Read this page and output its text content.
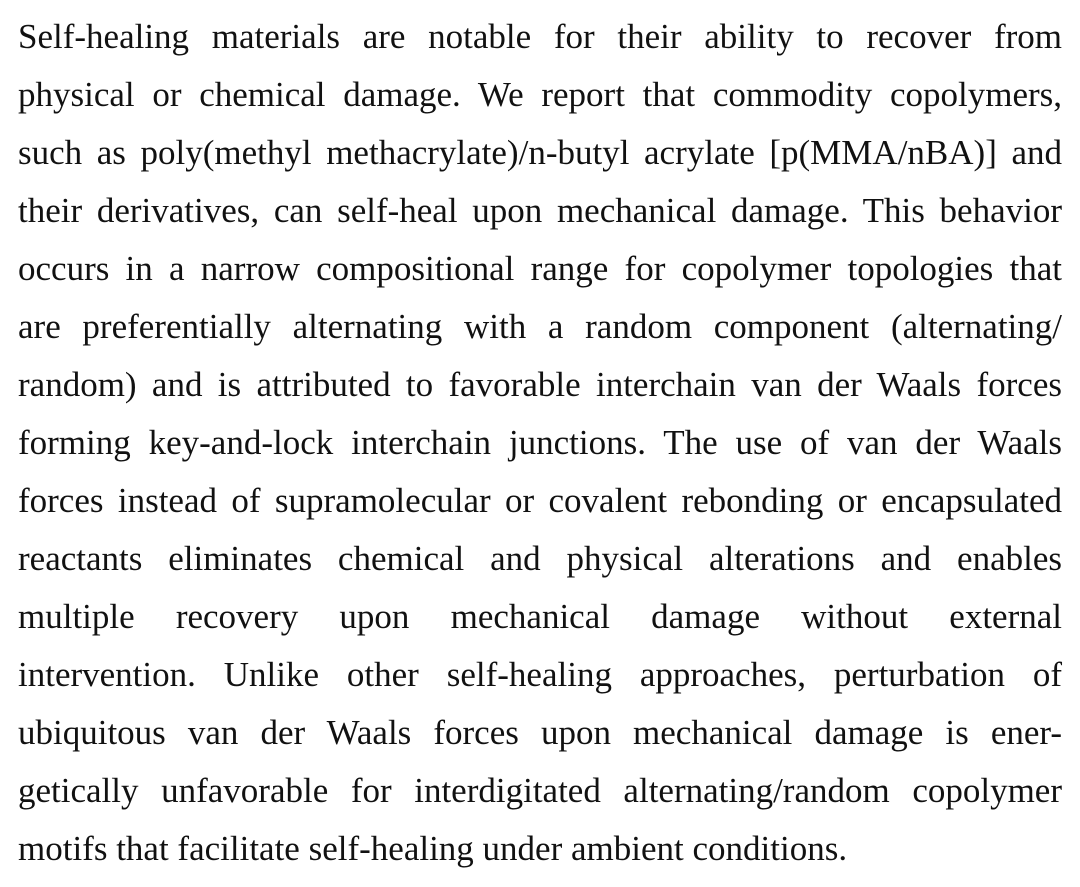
Self-healing materials are notable for their ability to recover from
physical or chemical damage. We report that commodity copolymers,
such as poly(methyl methacrylate)/n-butyl acrylate [p(MMA/nBA)] and
their derivatives, can self-heal upon mechanical damage. This behavior
occurs in a narrow compositional range for copolymer topologies that
are preferentially alternating with a random component (alternating/
random) and is attributed to favorable interchain van der Waals forces
forming key-and-lock interchain junctions. The use of van der Waals
forces instead of supramolecular or covalent rebonding or encapsulated
reactants eliminates chemical and physical alterations and enables
multiple recovery upon mechanical damage without external
intervention. Unlike other self-healing approaches, perturbation of
ubiquitous van der Waals forces upon mechanical damage is ener-
getically unfavorable for interdigitated alternating/random copolymer
motifs that facilitate self-healing under ambient conditions.
